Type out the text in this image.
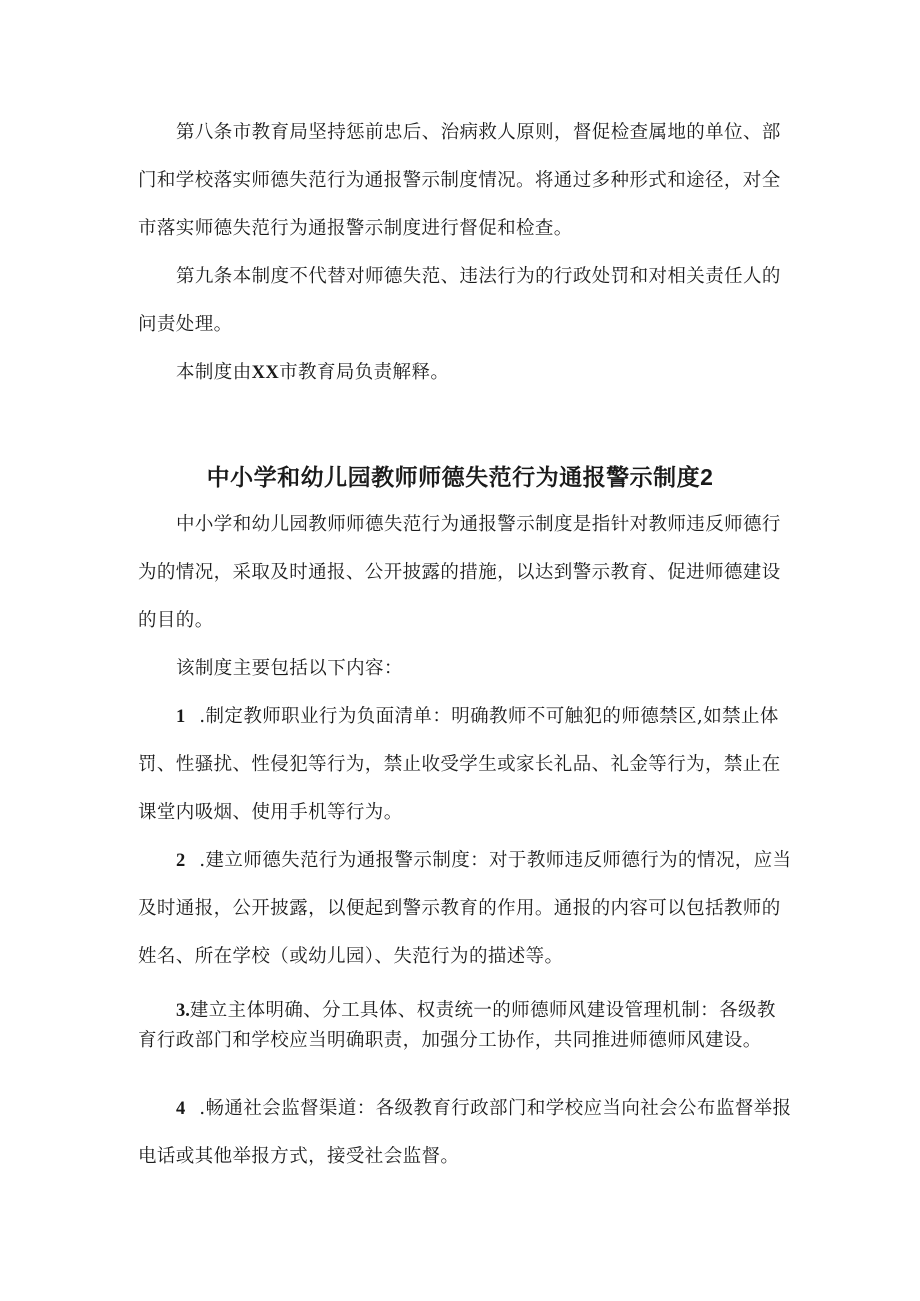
第八条市教育局坚持惩前忠后、治病救人原则，督促检查属地的单位、部门和学校落实师德失范行为通报警示制度情况。将通过多种形式和途径，对全市落实师德失范行为通报警示制度进行督促和检查。

第九条本制度不代替对师德失范、违法行为的行政处罚和对相关责任人的问责处理。

本制度由XX市教育局负责解释。

中小学和幼儿园教师师德失范行为通报警示制度2

中小学和幼儿园教师师德失范行为通报警示制度是指针对教师违反师德行为的情况，采取及时通报、公开披露的措施，以达到警示教育、促进师德建设的目的。

该制度主要包括以下内容：

1 .制定教师职业行为负面清单：明确教师不可触犯的师德禁区,如禁止体罚、性骚扰、性侵犯等行为，禁止收受学生或家长礼品、礼金等行为，禁止在课堂内吸烟、使用手机等行为。

2 .建立师德失范行为通报警示制度：对于教师违反师德行为的情况，应当及时通报，公开披露，以便起到警示教育的作用。通报的内容可以包括教师的姓名、所在学校（或幼儿园）、失范行为的描述等。

3.建立主体明确、分工具体、权责统一的师德师风建设管理机制：各级教育行政部门和学校应当明确职责，加强分工协作，共同推进师德师风建设。

4 .畅通社会监督渠道：各级教育行政部门和学校应当向社会公布监督举报电话或其他举报方式，接受社会监督。
